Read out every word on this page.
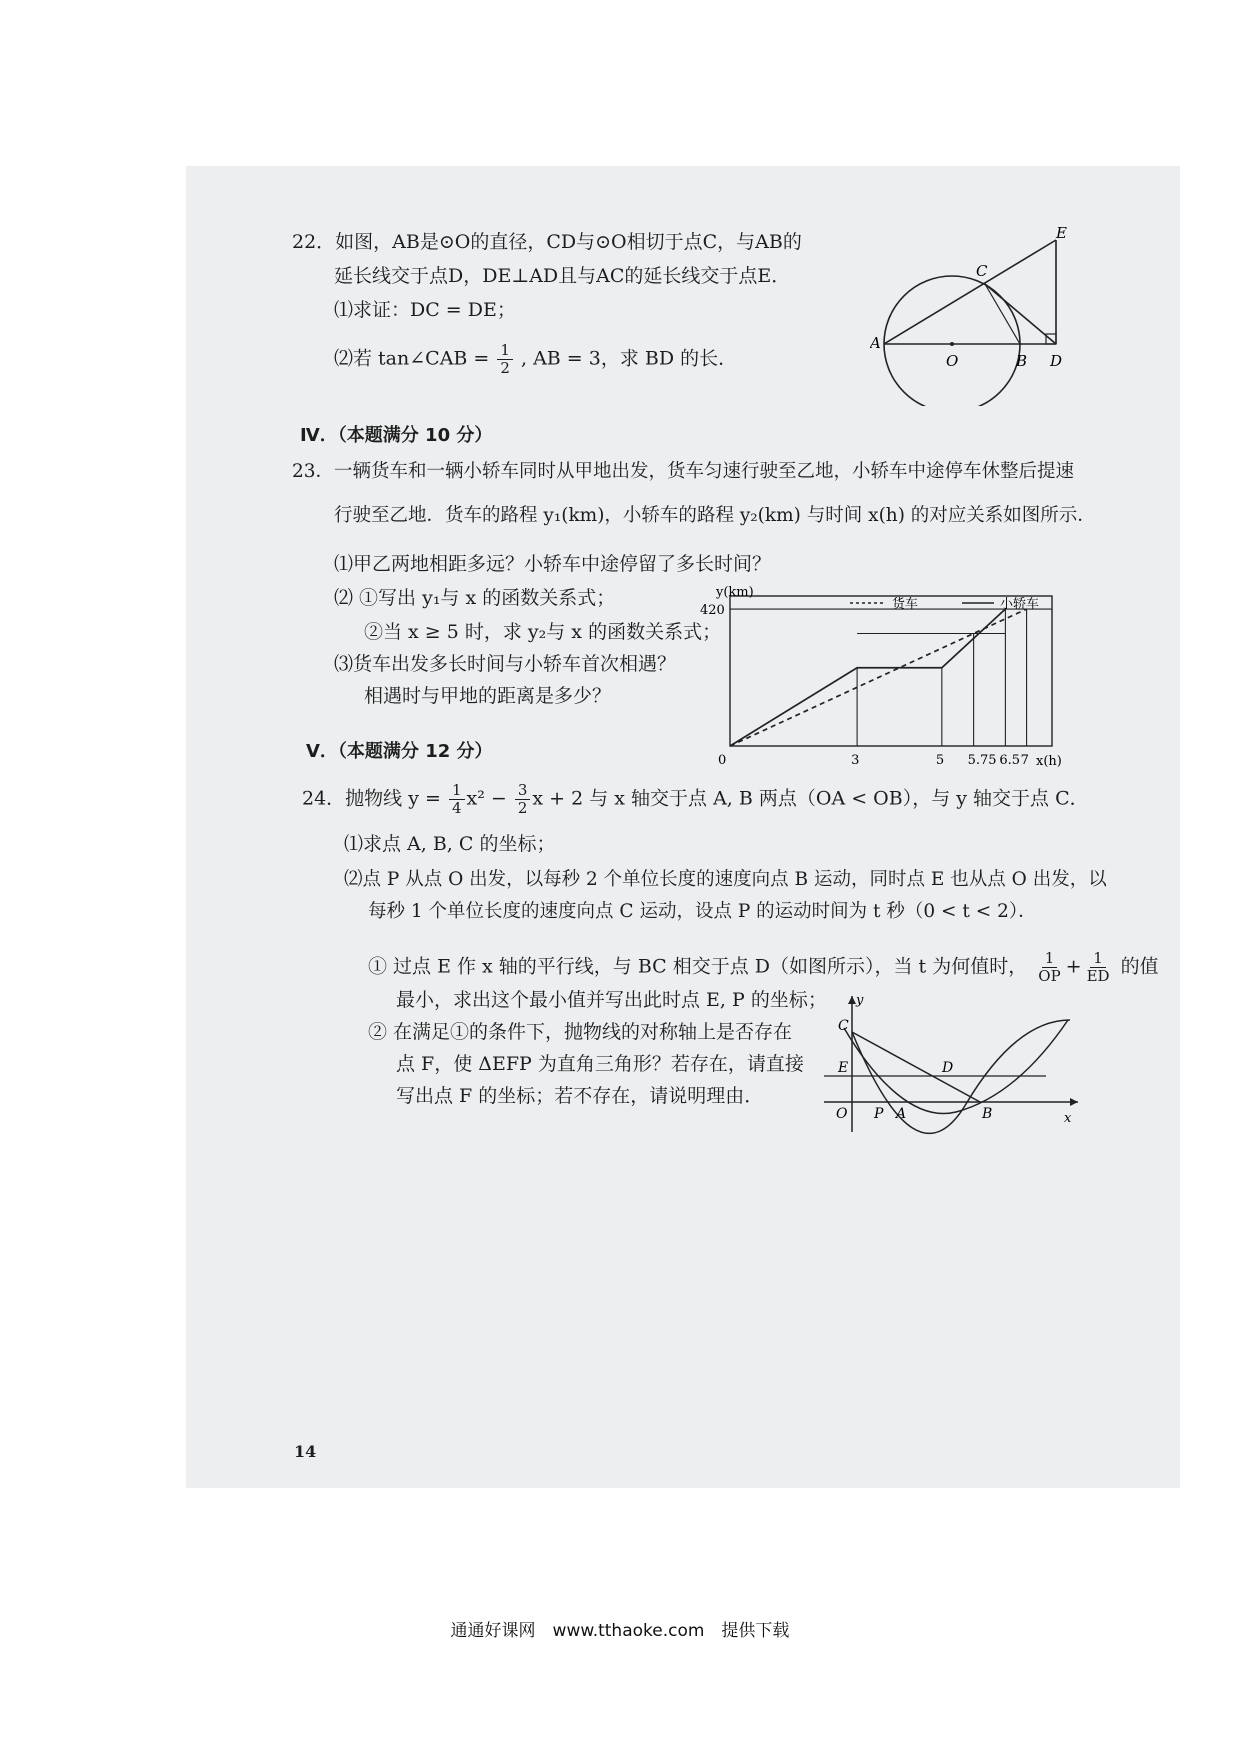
22．如图，AB是⊙O的直径，CD与⊙O相切于点C，与AB的
延长线交于点D，DE⊥AD且与AC的延长线交于点E．
⑴求证：DC = DE；
⑵若 tan∠CAB = $\frac{1}{2}$ , AB = 3，求 BD 的长．
A
O	B D
C
E
Ⅳ．（本题满分 10 分）
23．一辆货车和一辆小轿车同时从甲地出发，货车匀速行驶至乙地，小轿车中途停车休整后提速
行驶至乙地．货车的路程 y₁(km)，小轿车的路程 y₂(km) 与时间 x(h) 的对应关系如图所示．
⑴甲乙两地相距多远？小轿车中途停留了多长时间？
⑵ ①写出 y₁与 x 的函数关系式；
②当 x ≥ 5 时，求 y₂与 x 的函数关系式；
⑶货车出发多长时间与小轿车首次相遇？
相遇时与甲地的距离是多少？
0	3	5 5.75 6.5 7
420
y(km)
x(h)
货车	小轿车
Ⅴ．（本题满分 12 分）
24．抛物线 $y = \frac{1}{4} x^2 - \frac{3}{2}$ x + 2 与 x 轴交于点 A, B 两点（OA < OB），与 y 轴交于点 C．
⑴求点 A, B, C 的坐标；
⑵点 P 从点 O 出发，以每秒 2 个单位长度的速度向点 B 运动，同时点 E 也从点 O 出发，以
每秒 1 个单位长度的速度向点 C 运动，设点 P 的运动时间为 t 秒（0 < t < 2）．
① 过点 E 作 x 轴的平行线，与 BC 相交于点 D（如图所示），当 t 为何值时， $\frac{1}{OP} + \frac{1}{ED}$ 的值
最小，求出这个最小值并写出此时点 E, P 的坐标；
② 在满足①的条件下，抛物线的对称轴上是否存在
点 F，使 ΔEFP 为直角三角形？若存在，请直接
写出点 F 的坐标；若不存在，请说明理由．
y
x
C
E	D
O P A	B
14
通通好课网　www.tthaoke.com　提供下载
